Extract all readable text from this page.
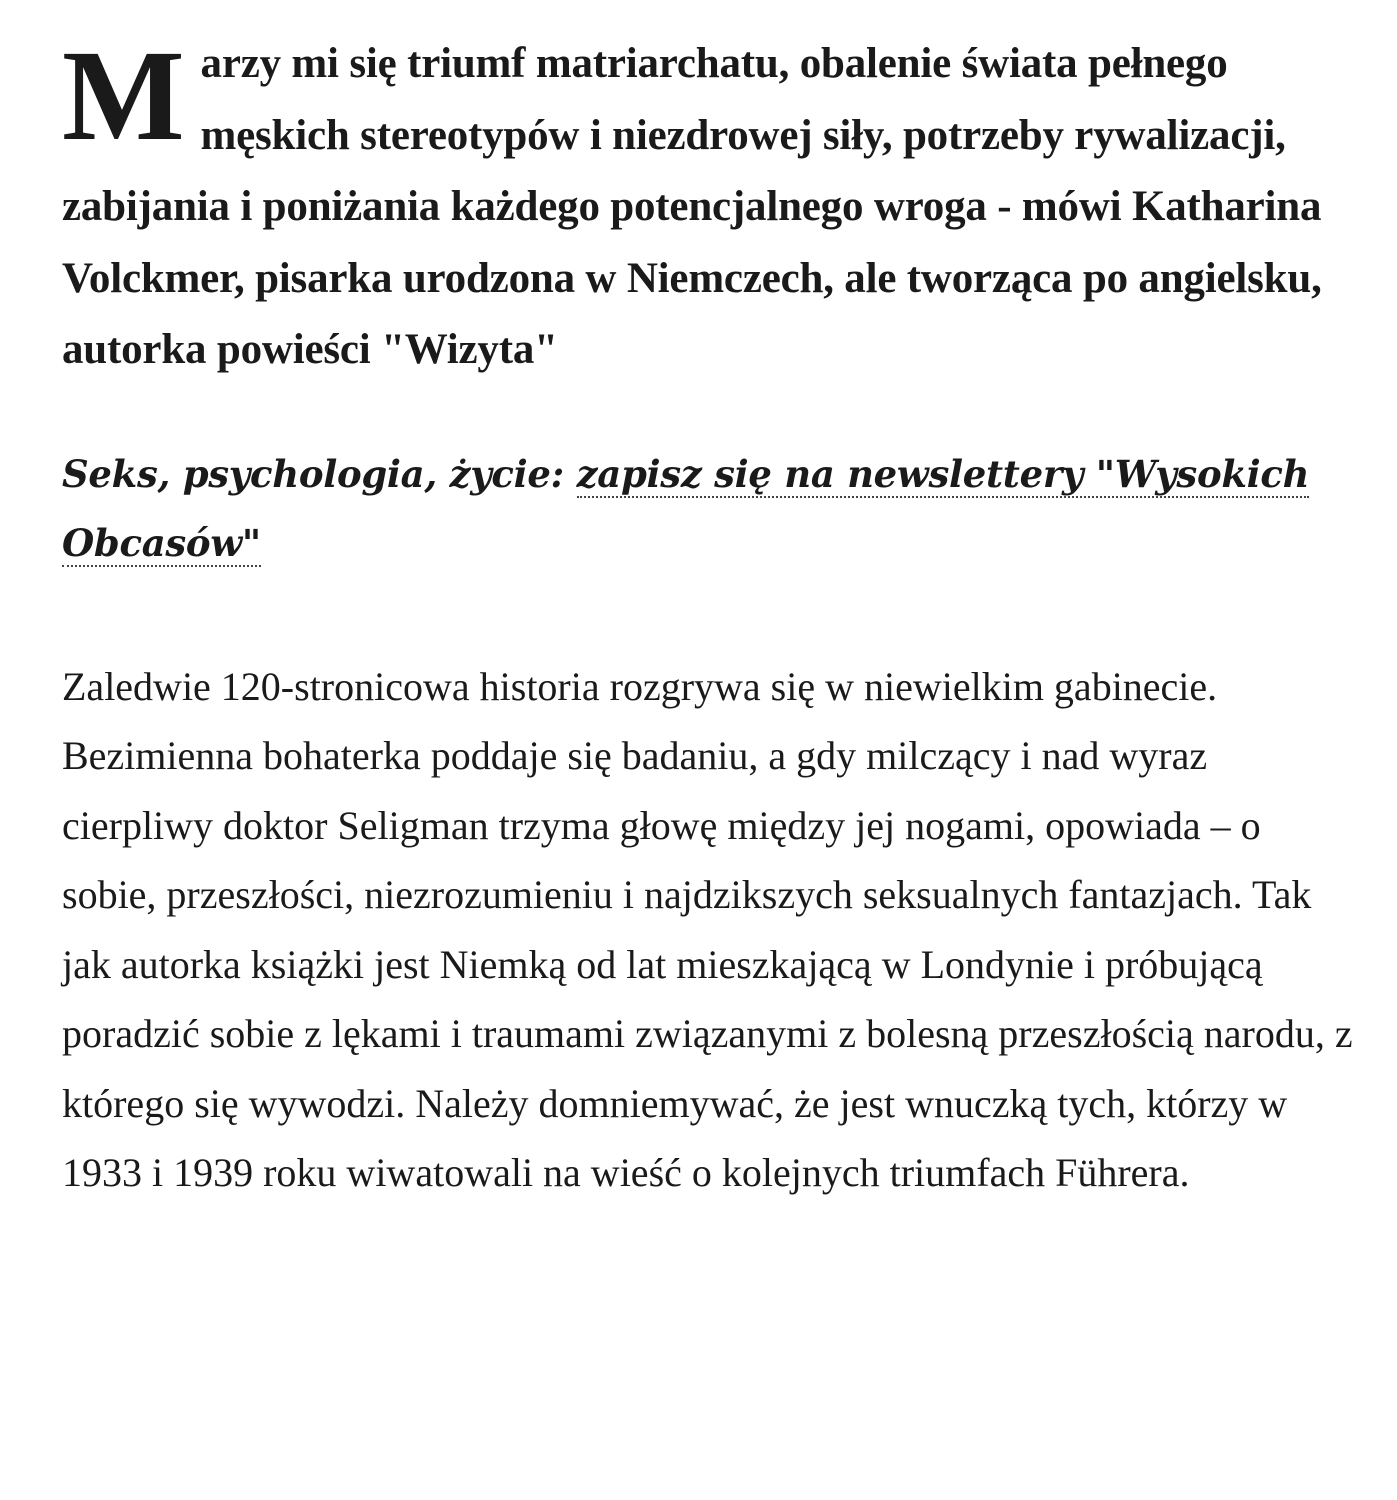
Marzy mi się triumf matriarchatu, obalenie świata pełnego męskich stereotypów i niezdrowej siły, potrzeby rywalizacji, zabijania i poniżania każdego potencjalnego wroga - mówi Katharina Volckmer, pisarka urodzona w Niemczech, ale tworząca po angielsku, autorka powieści "Wizyta"

Seks, psychologia, życie: zapisz się na newslettery "Wysokich Obcasów"

Zaledwie 120-stronicowa historia rozgrywa się w niewielkim gabinecie. Bezimienna bohaterka poddaje się badaniu, a gdy milczący i nad wyraz cierpliwy doktor Seligman trzyma głowę między jej nogami, opowiada – o sobie, przeszłości, niezrozumieniu i najdzikszych seksualnych fantazjach. Tak jak autorka książki jest Niemką od lat mieszkającą w Londynie i próbującą poradzić sobie z lękami i traumami związanymi z bolesną przeszłością narodu, z którego się wywodzi. Należy domniemywać, że jest wnuczką tych, którzy w 1933 i 1939 roku wiwatowali na wieść o kolejnych triumfach Führera.
